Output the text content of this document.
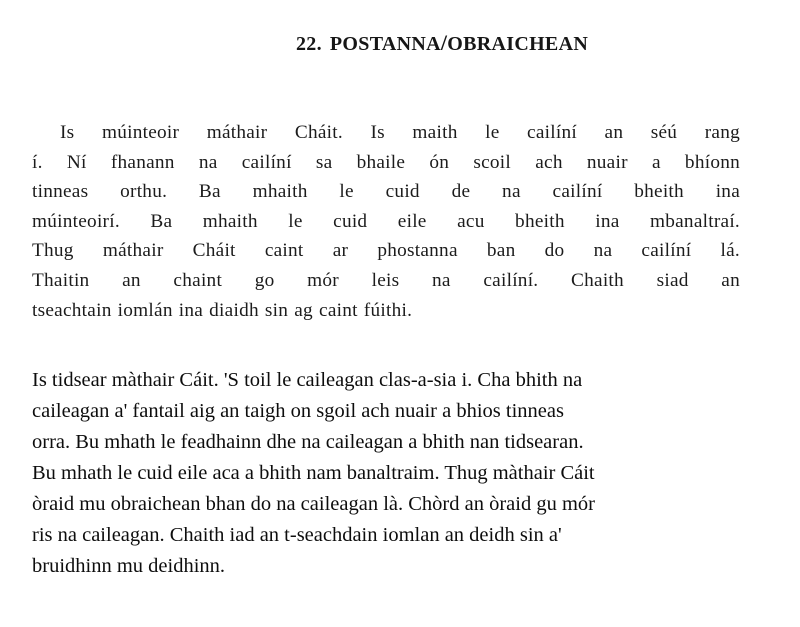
22. POSTANNA/OBRAICHEAN
Is múinteoir máthair Cháit. Is maith le cailíní an séú rang
í. Ní fhanann na cailíní sa bhaile ón scoil ach nuair a bhíonn
tinneas orthu. Ba mhaith le cuid de na cailíní bheith ina
múinteoirí. Ba mhaith le cuid eile acu bheith ina mbanaltraí.
Thug máthair Cháit caint ar phostanna ban do na cailíní lá.
Thaitin an chaint go mór leis na cailíní. Chaith siad an
tseachtain iomlán ina diaidh sin ag caint fúithi.
Is tidsear màthair Cáit. 'S toil le caileagan clas-a-sia i. Cha bhith na
caileagan a' fantail aig an taigh on sgoil ach nuair a bhios tinneas
orra. Bu mhath le feadhainn dhe na caileagan a bhith nan tidsearan.
Bu mhath le cuid eile aca a bhith nam banaltraim. Thug màthair Cáit
òraid mu obraichean bhan do na caileagan là. Chòrd an òraid gu mór
ris na caileagan. Chaith iad an t-seachdain iomlan an deidh sin a'
bruidhinn mu deidhinn.
